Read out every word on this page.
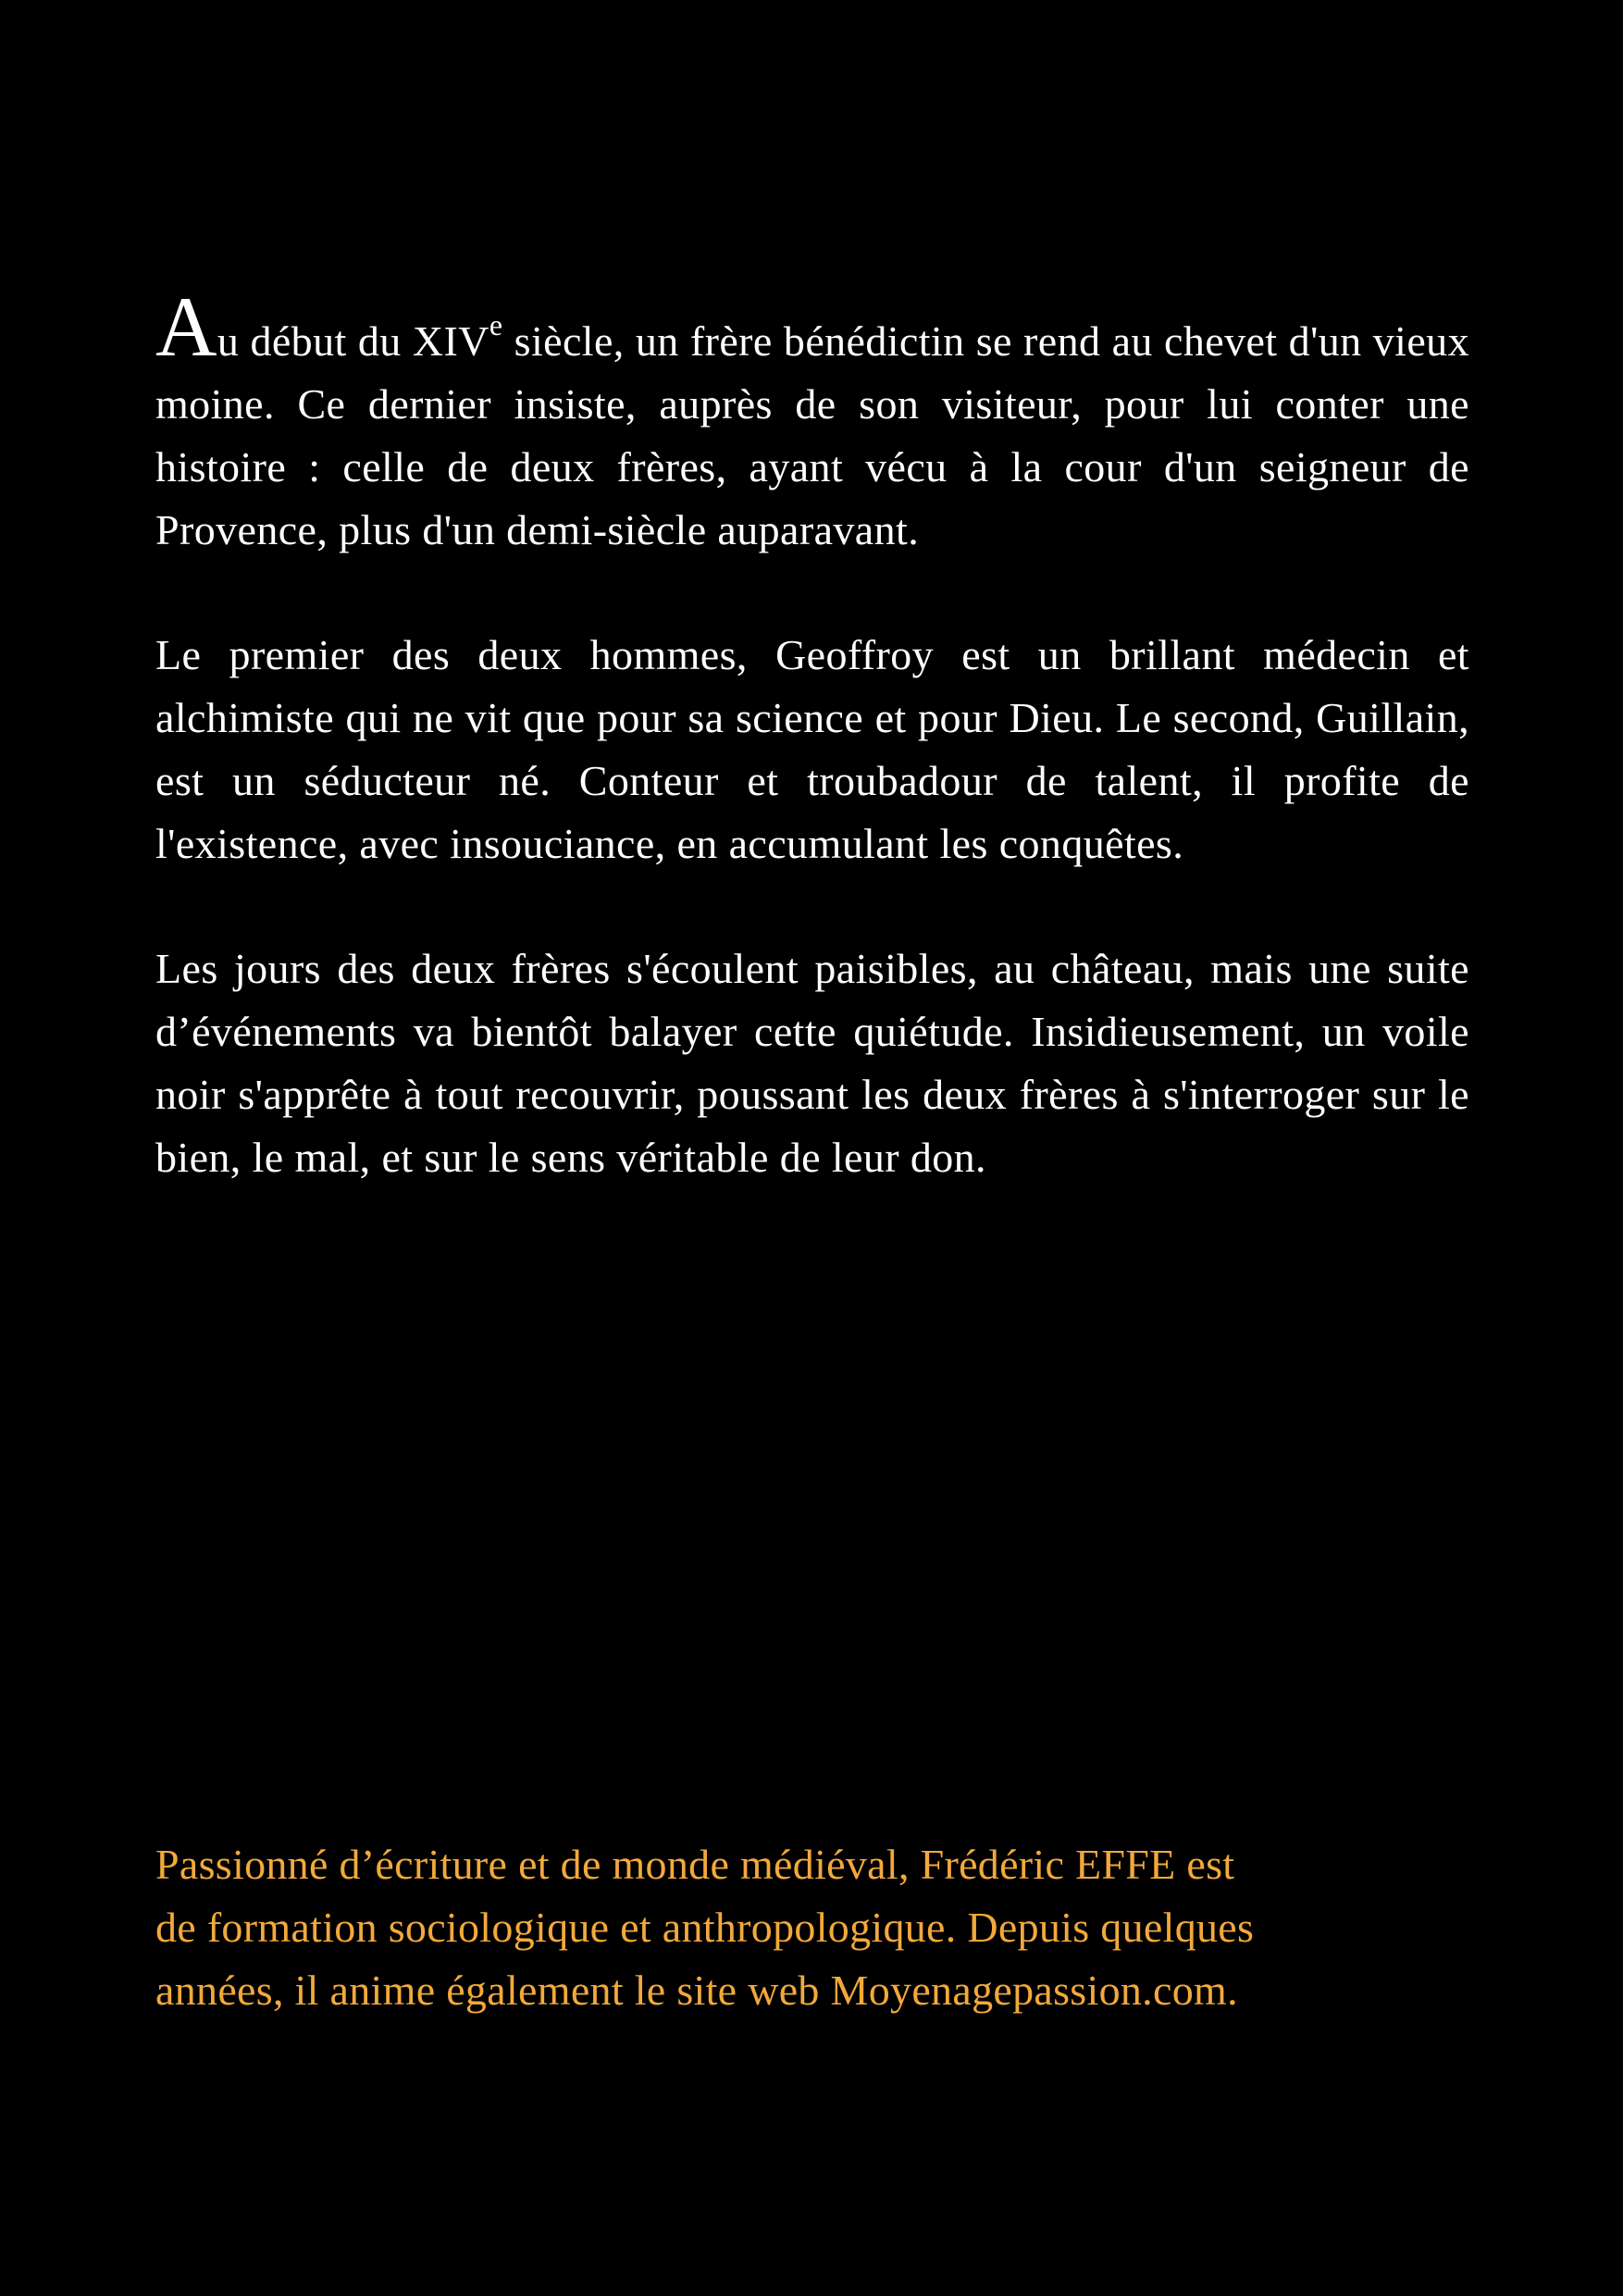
Au début du XIVe siècle, un frère bénédictin se rend au chevet d'un vieux moine. Ce dernier insiste, auprès de son visiteur, pour lui conter une histoire : celle de deux frères, ayant vécu à la cour d'un seigneur de Provence, plus d'un demi-siècle auparavant.

Le premier des deux hommes, Geoffroy est un brillant médecin et alchimiste qui ne vit que pour sa science et pour Dieu. Le second, Guillain, est un séducteur né. Conteur et troubadour de talent, il profite de l'existence, avec insouciance, en accumulant les conquêtes.

Les jours des deux frères s'écoulent paisibles, au château, mais une suite d’événements va bientôt balayer cette quiétude. Insidieusement, un voile noir s'apprête à tout recouvrir, poussant les deux frères à s'interroger sur le bien, le mal, et sur le sens véritable de leur don.

Passionné d’écriture et de monde médiéval, Frédéric EFFE est
de formation sociologique et anthropologique. Depuis quelques
années, il anime également le site web Moyenagepassion.com.
